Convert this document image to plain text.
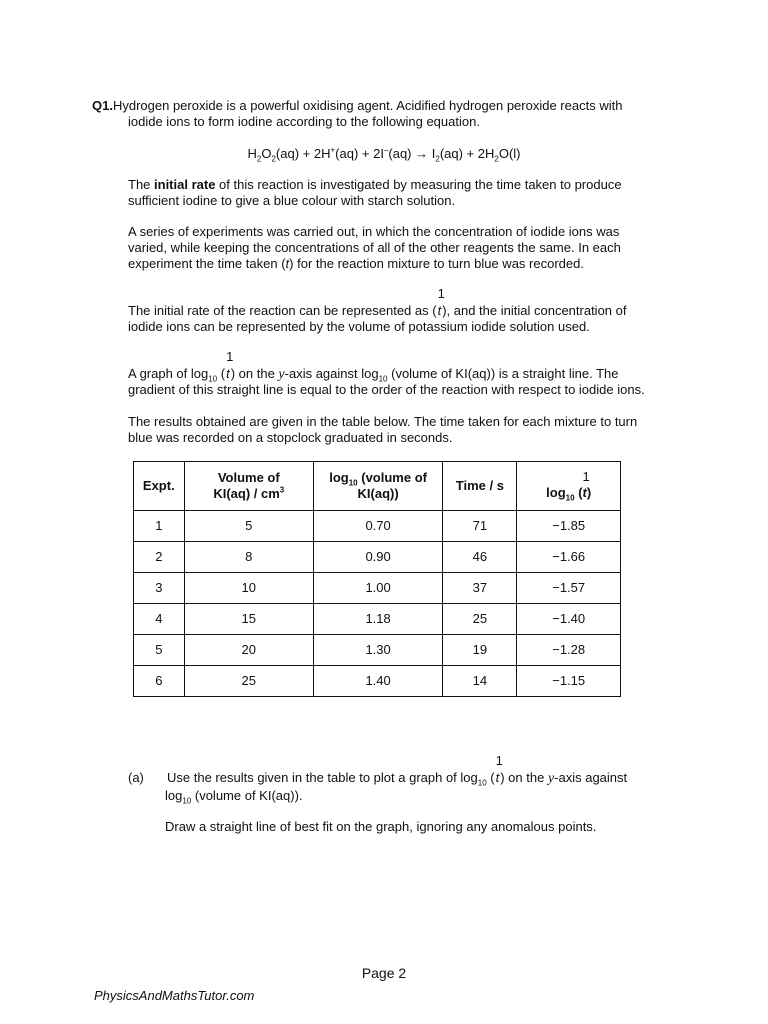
Q1.Hydrogen peroxide is a powerful oxidising agent. Acidified hydrogen peroxide reacts with
iodide ions to form iodine according to the following equation.
$H_2O_2(aq) + 2H^+(aq) + 2I^-(aq) \to I_2(aq) + 2H_2O(l)$
The initial rate of this reaction is investigated by measuring the time taken to produce
sufficient iodine to give a blue colour with starch solution.
A series of experiments was carried out, in which the concentration of iodide ions was
varied, while keeping the concentrations of all of the other reagents the same. In each
experiment the time taken (t) for the reaction mixture to turn blue was recorded.
The initial rate of the reaction can be represented as (
1
t), and the initial concentration of
iodide ions can be represented by the volume of potassium iodide solution used.
A graph of $\log_{10}$ (
1
t) on the y-axis against $\log_{10}$ (volume of KI(aq)) is a straight line. The
gradient of this straight line is equal to the order of the reaction with respect to iodide ions.
The results obtained are given in the table below. The time taken for each mixture to turn
blue was recorded on a stopclock graduated in seconds.
Expt.	Volume of
$KI(aq) / cm^3$	$\log_{10}$ (volume of
KI(aq))	Time / s	$\log_{10}$ (
1
t)

1	5	0.70	71	−1.85
2	8	0.90	46	−1.66
3	10	1.00	37	−1.57
4	15	1.18	25	−1.40
5	20	1.30	19	−1.28
6	25	1.40	14	−1.15
(a) Use the results given in the table to plot a graph of $\log_{10}$ (
1
t) on the y-axis against
$\log_{10}$ (volume of KI(aq)).
Draw a straight line of best fit on the graph, ignoring any anomalous points.
Page 2
PhysicsAndMathsTutor.com
